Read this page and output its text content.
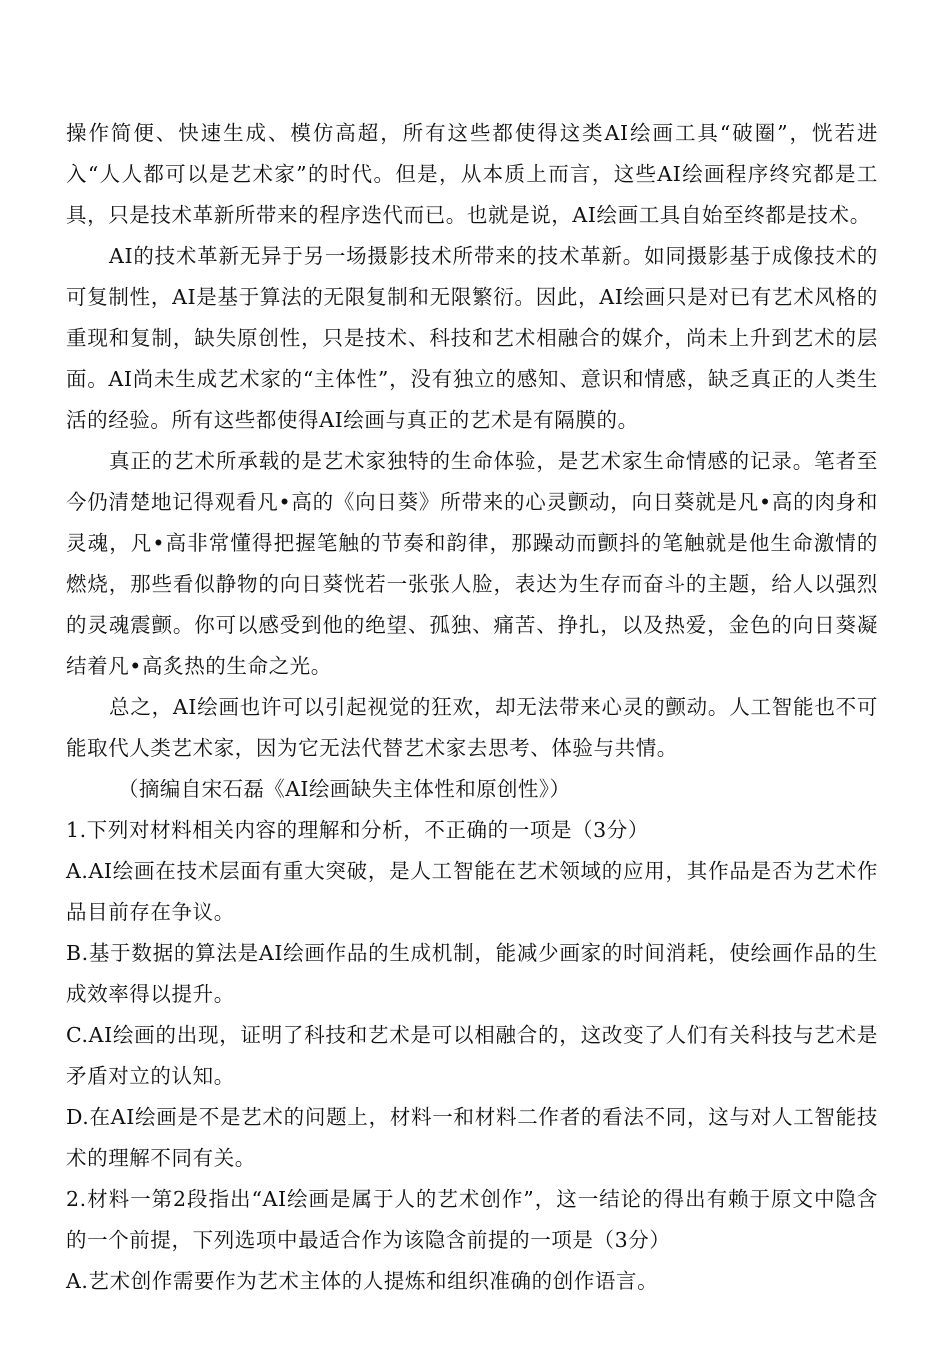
操作简便、快速生成、模仿高超，所有这些都使得这类AI绘画工具“破圈”，恍若进入“人人都可以是艺术家”的时代。但是，从本质上而言，这些AI绘画程序终究都是工具，只是技术革新所带来的程序迭代而已。也就是说，AI绘画工具自始至终都是技术。

AI的技术革新无异于另一场摄影技术所带来的技术革新。如同摄影基于成像技术的可复制性，AI是基于算法的无限复制和无限繁衍。因此，AI绘画只是对已有艺术风格的重现和复制，缺失原创性，只是技术、科技和艺术相融合的媒介，尚未上升到艺术的层面。AI尚未生成艺术家的“主体性”，没有独立的感知、意识和情感，缺乏真正的人类生活的经验。所有这些都使得AI绘画与真正的艺术是有隔膜的。

真正的艺术所承载的是艺术家独特的生命体验，是艺术家生命情感的记录。笔者至今仍清楚地记得观看凡•高的《向日葵》所带来的心灵颤动，向日葵就是凡•高的肉身和灵魂，凡•高非常懂得把握笔触的节奏和韵律，那躁动而颤抖的笔触就是他生命激情的燃烧，那些看似静物的向日葵恍若一张张人脸，表达为生存而奋斗的主题，给人以强烈的灵魂震颤。你可以感受到他的绝望、孤独、痛苦、挣扎，以及热爱，金色的向日葵凝结着凡•高炙热的生命之光。

总之，AI绘画也许可以引起视觉的狂欢，却无法带来心灵的颤动。人工智能也不可能取代人类艺术家，因为它无法代替艺术家去思考、体验与共情。

（摘编自宋石磊《AI绘画缺失主体性和原创性》）

1.下列对材料相关内容的理解和分析，不正确的一项是（3分）

A.AI绘画在技术层面有重大突破，是人工智能在艺术领域的应用，其作品是否为艺术作品目前存在争议。

B.基于数据的算法是AI绘画作品的生成机制，能减少画家的时间消耗，使绘画作品的生成效率得以提升。

C.AI绘画的出现，证明了科技和艺术是可以相融合的，这改变了人们有关科技与艺术是矛盾对立的认知。

D.在AI绘画是不是艺术的问题上，材料一和材料二作者的看法不同，这与对人工智能技术的理解不同有关。

2.材料一第2段指出“AI绘画是属于人的艺术创作”，这一结论的得出有赖于原文中隐含的一个前提，下列选项中最适合作为该隐含前提的一项是（3分）

A.艺术创作需要作为艺术主体的人提炼和组织准确的创作语言。
